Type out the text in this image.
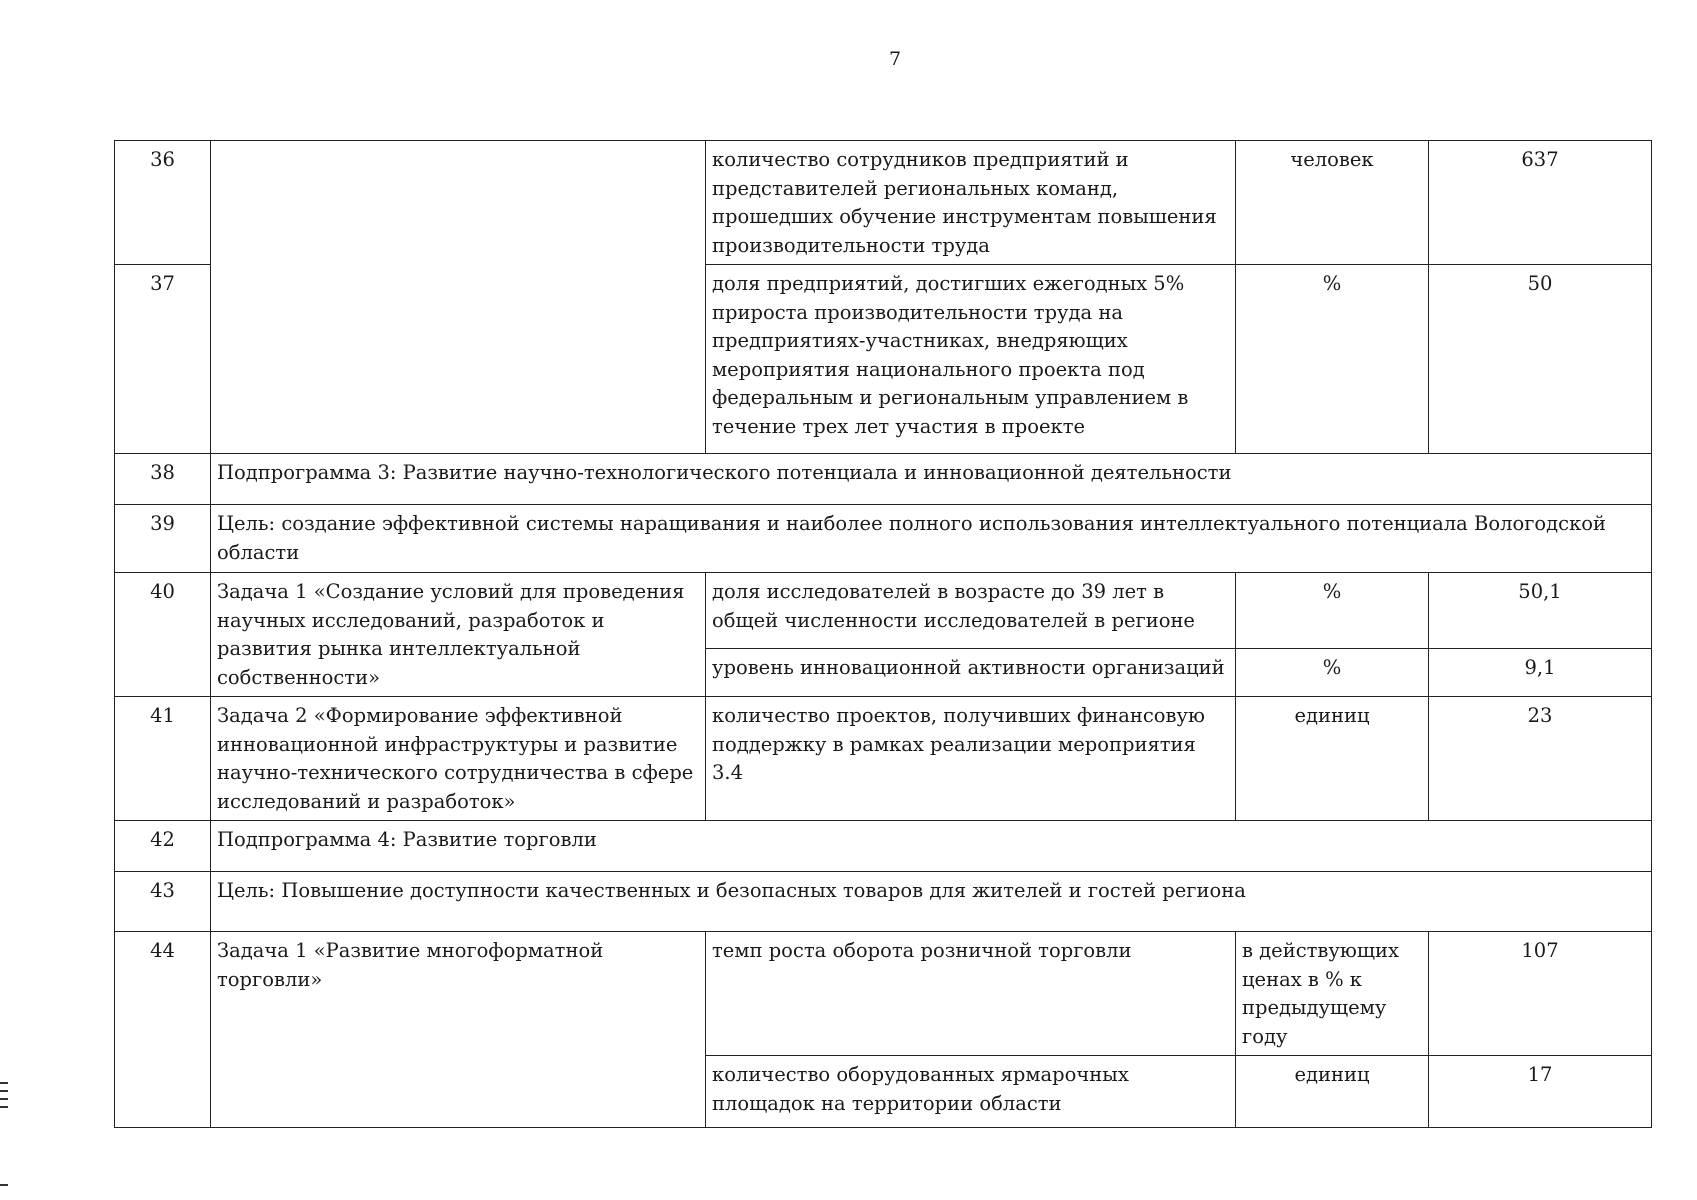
7
36		количество сотрудников предприятий и представителей региональных команд, прошедших обучение инструментам повышения производительности труда	человек	637
37		доля предприятий, достигших ежегодных 5% прироста производительности труда на предприятиях-участниках, внедряющих мероприятия национального проекта под федеральным и региональным управлением в течение трех лет участия в проекте	%	50
38	Подпрограмма 3: Развитие научно-технологического потенциала и инновационной деятельности			
39	Цель: создание эффективной системы наращивания и наиболее полного использования интеллектуального потенциала Вологодской области			
40	Задача 1 «Создание условий для проведения научных исследований, разработок и развития рынка интеллектуальной собственности»	доля исследователей в возрасте до 39 лет в общей численности исследователей в регионе	%	50,1
		уровень инновационной активности организаций	%	9,1
41	Задача 2 «Формирование эффективной инновационной инфраструктуры и развитие научно-технического сотрудничества в сфере исследований и разработок»	количество проектов, получивших финансовую поддержку в рамках реализации мероприятия 3.4	единиц	23
42	Подпрограмма 4: Развитие торговли			
43	Цель: Повышение доступности качественных и безопасных товаров для жителей и гостей региона			
44	Задача 1 «Развитие многоформатной торговли»	темп роста оборота розничной торговли	в действующих ценах в % к предыдущему году	107
		количество оборудованных ярмарочных площадок на территории области	единиц	17
